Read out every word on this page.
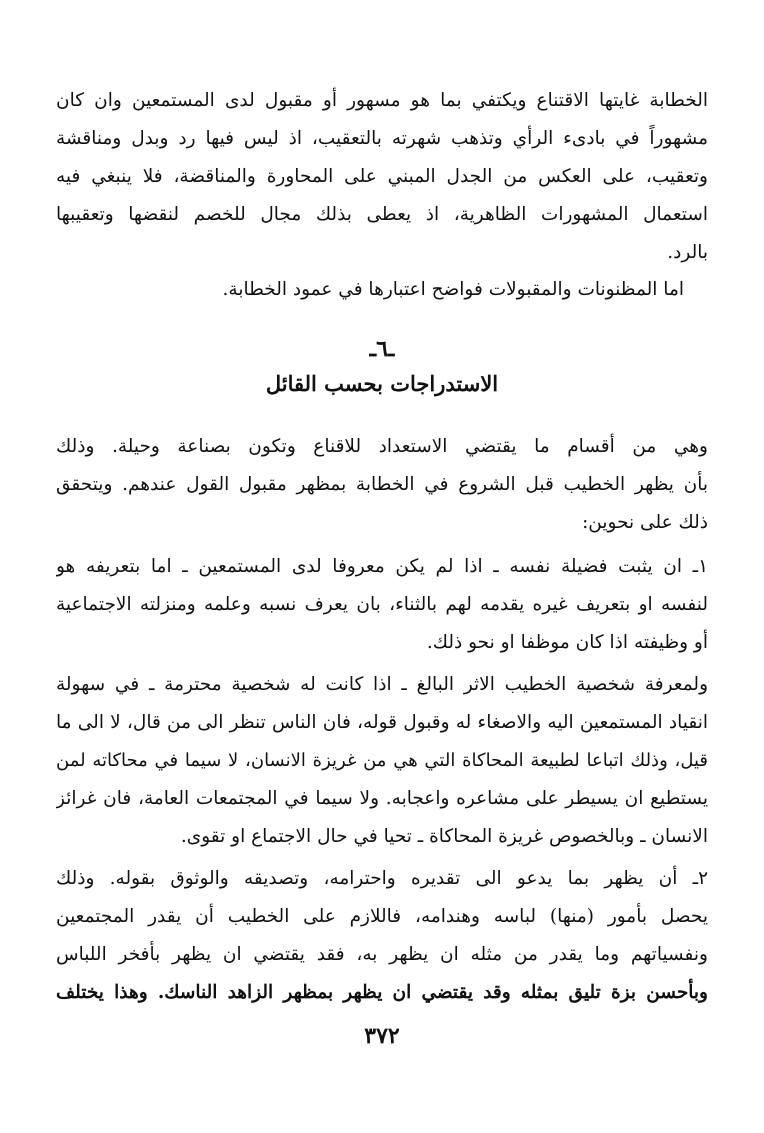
الخطابة غايتها الاقتناع ويكتفي بما هو مسهور أو مقبول لدى المستمعين وان كان
مشهوراً في بادىء الرأي وتذهب شهرته بالتعقيب، اذ ليس فيها رد وبدل ومناقشة
وتعقيب، على العكس من الجدل المبني على المحاورة والمناقضة، فلا ينبغي فيه
استعمال المشهورات الظاهرية، اذ يعطى بذلك مجال للخصم لنقضها وتعقيبها
بالرد.
اما المظنونات والمقبولات فواضح اعتبارها في عمود الخطابة.
ـ٦ـ
الاستدراجات بحسب القائل
وهي من أقسام ما يقتضي الاستعداد للاقناع وتكون بصناعة وحيلة. وذلك
بأن يظهر الخطيب قبل الشروع في الخطابة بمظهر مقبول القول عندهم. ويتحقق
ذلك على نحوين:
١ـ ان يثبت فضيلة نفسه ـ اذا لم يكن معروفا لدى المستمعين ـ اما بتعريفه هو
لنفسه او بتعريف غيره يقدمه لهم بالثناء، بان يعرف نسبه وعلمه ومنزلته الاجتماعية
أو وظيفته اذا كان موظفا او نحو ذلك.
ولمعرفة شخصية الخطيب الاثر البالغ ـ اذا كانت له شخصية محترمة ـ في سهولة
انقياد المستمعين اليه والاصغاء له وقبول قوله، فان الناس تنظر الى من قال، لا الى ما
قيل، وذلك اتباعا لطبيعة المحاكاة التي هي من غريزة الانسان، لا سيما في محاكاته لمن
يستطيع ان يسيطر على مشاعره واعجابه. ولا سيما في المجتمعات العامة، فان غرائز
الانسان ـ وبالخصوص غريزة المحاكاة ـ تحيا في حال الاجتماع او تقوى.
٢ـ أن يظهر بما يدعو الى تقديره واحترامه، وتصديقه والوثوق بقوله. وذلك
يحصل بأمور (منها) لباسه وهندامه، فاللازم على الخطيب أن يقدر المجتمعين
ونفسياتهم وما يقدر من مثله ان يظهر به، فقد يقتضي ان يظهر بأفخر اللباس
وبأحسن بزة تليق بمثله وقد يقتضي ان يظهر بمظهر الزاهد الناسك. وهذا يختلف
٣٧٢
